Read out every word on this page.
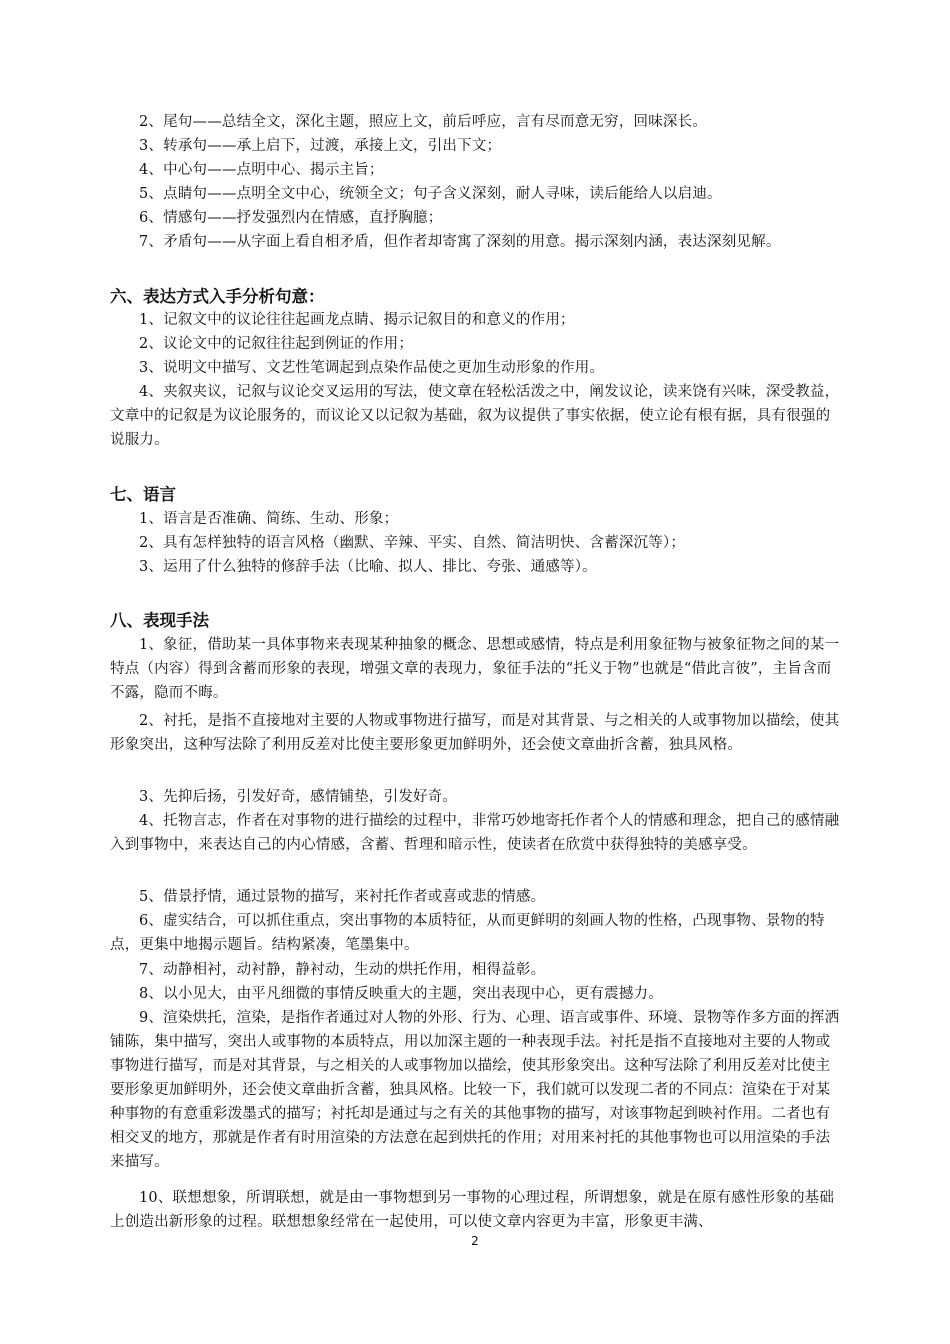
2、尾句——总结全文，深化主题，照应上文，前后呼应，言有尽而意无穷，回味深长。
3、转承句——承上启下，过渡，承接上文，引出下文；
4、中心句——点明中心、揭示主旨；
5、点睛句——点明全文中心，统领全文；句子含义深刻，耐人寻味，读后能给人以启迪。
6、情感句——抒发强烈内在情感，直抒胸臆；
7、矛盾句——从字面上看自相矛盾，但作者却寄寓了深刻的用意。揭示深刻内涵，表达深刻见解。
六、表达方式入手分析句意：
1、记叙文中的议论往往起画龙点睛、揭示记叙目的和意义的作用；
2、议论文中的记叙往往起到例证的作用；
3、说明文中描写、文艺性笔调起到点染作品使之更加生动形象的作用。
4、夹叙夹议，记叙与议论交叉运用的写法，使文章在轻松活泼之中，阐发议论，读来饶有兴味，深受教益，文章中的记叙是为议论服务的，而议论又以记叙为基础，叙为议提供了事实依据，使立论有根有据，具有很强的说服力。
七、语言
1、语言是否准确、简练、生动、形象；
2、具有怎样独特的语言风格（幽默、辛辣、平实、自然、简洁明快、含蓄深沉等）；
3、运用了什么独特的修辞手法（比喻、拟人、排比、夸张、通感等）。
八、表现手法
1、象征，借助某一具体事物来表现某种抽象的概念、思想或感情，特点是利用象征物与被象征物之间的某一特点（内容）得到含蓄而形象的表现，增强文章的表现力，象征手法的“托义于物”也就是“借此言彼”，主旨含而不露，隐而不晦。
2、衬托，是指不直接地对主要的人物或事物进行描写，而是对其背景、与之相关的人或事物加以描绘，使其形象突出，这种写法除了利用反差对比使主要形象更加鲜明外，还会使文章曲折含蓄，独具风格。
3、先抑后扬，引发好奇，感情铺垫，引发好奇。
4、托物言志，作者在对事物的进行描绘的过程中，非常巧妙地寄托作者个人的情感和理念，把自己的感情融入到事物中，来表达自己的内心情感，含蓄、哲理和暗示性，使读者在欣赏中获得独特的美感享受。
5、借景抒情，通过景物的描写，来衬托作者或喜或悲的情感。
6、虚实结合，可以抓住重点，突出事物的本质特征，从而更鲜明的刻画人物的性格，凸现事物、景物的特点，更集中地揭示题旨。结构紧凑，笔墨集中。
7、动静相衬，动衬静，静衬动，生动的烘托作用，相得益彰。
8、以小见大，由平凡细微的事情反映重大的主题，突出表现中心，更有震撼力。
9、渲染烘托，渲染，是指作者通过对人物的外形、行为、心理、语言或事件、环境、景物等作多方面的挥洒铺陈，集中描写，突出人或事物的本质特点，用以加深主题的一种表现手法。衬托是指不直接地对主要的人物或事物进行描写，而是对其背景，与之相关的人或事物加以描绘，使其形象突出。这种写法除了利用反差对比使主要形象更加鲜明外，还会使文章曲折含蓄，独具风格。比较一下，我们就可以发现二者的不同点：渲染在于对某种事物的有意重彩泼墨式的描写；衬托却是通过与之有关的其他事物的描写，对该事物起到映衬作用。二者也有相交叉的地方，那就是作者有时用渲染的方法意在起到烘托的作用；对用来衬托的其他事物也可以用渲染的手法来描写。
10、联想想象，所谓联想，就是由一事物想到另一事物的心理过程，所谓想象，就是在原有感性形象的基础上创造出新形象的过程。联想想象经常在一起使用，可以使文章内容更为丰富，形象更丰满、
2
